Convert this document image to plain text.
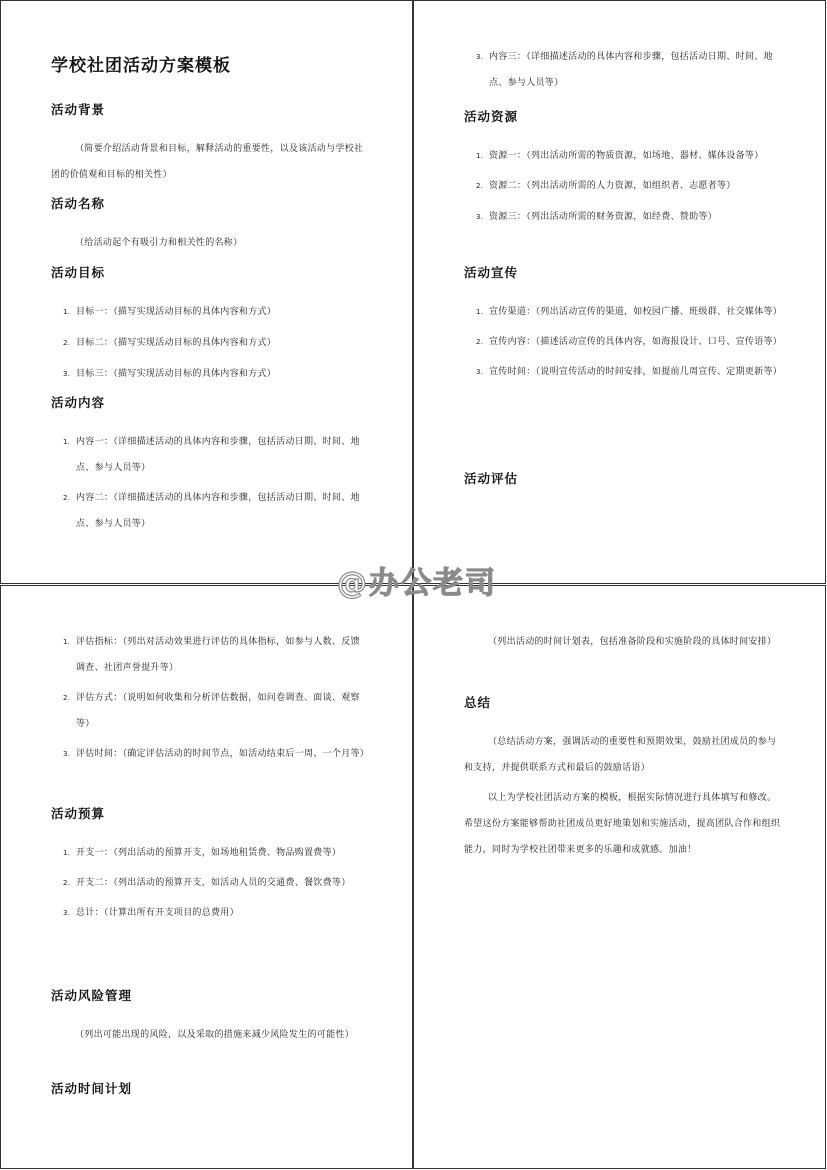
学校社团活动方案模板
活动背景

（简要介绍活动背景和目标，解释活动的重要性，以及该活动与学校社团的价值观和目标的相关性）

活动名称

（给活动起个有吸引力和相关性的名称）

活动目标
1. 目标一：（描写实现活动目标的具体内容和方式）
2. 目标二：（描写实现活动目标的具体内容和方式）
3. 目标三：（描写实现活动目标的具体内容和方式）
活动内容
1. 内容一：（详细描述活动的具体内容和步骤，包括活动日期、时间、地点、参与人员等）
2. 内容二：（详细描述活动的具体内容和步骤，包括活动日期、时间、地点、参与人员等）
3. 内容三：（详细描述活动的具体内容和步骤，包括活动日期、时间、地点、参与人员等）
活动资源
1. 资源一：（列出活动所需的物质资源，如场地、器材、媒体设备等）
2. 资源二：（列出活动所需的人力资源，如组织者、志愿者等）
3. 资源三：（列出活动所需的财务资源，如经费、赞助等）
活动宣传
1. 宣传渠道：（列出活动宣传的渠道，如校园广播、班级群、社交媒体等）
2. 宣传内容：（描述活动宣传的具体内容，如海报设计、口号、宣传语等）
3. 宣传时间：（说明宣传活动的时间安排，如提前几周宣传、定期更新等）
活动评估
1. 评估指标：（列出对活动效果进行评估的具体指标，如参与人数、反馈调查、社团声誉提升等）
2. 评估方式：（说明如何收集和分析评估数据，如问卷调查、面谈、观察等）
3. 评估时间：（确定评估活动的时间节点，如活动结束后一周、一个月等）
活动预算
1. 开支一：（列出活动的预算开支，如场地租赁费、物品购置费等）
2. 开支二：（列出活动的预算开支，如活动人员的交通费、餐饮费等）
3. 总计：（计算出所有开支项目的总费用）
活动风险管理

（列出可能出现的风险，以及采取的措施来减少风险发生的可能性）

活动时间计划

（列出活动的时间计划表，包括准备阶段和实施阶段的具体时间安排）

总结

（总结活动方案，强调活动的重要性和预期效果，鼓励社团成员的参与和支持，并提供联系方式和最后的鼓励话语）

以上为学校社团活动方案的模板，根据实际情况进行具体填写和修改。希望这份方案能够帮助社团成员更好地策划和实施活动，提高团队合作和组织能力，同时为学校社团带来更多的乐趣和成就感。加油！

@办公老司
